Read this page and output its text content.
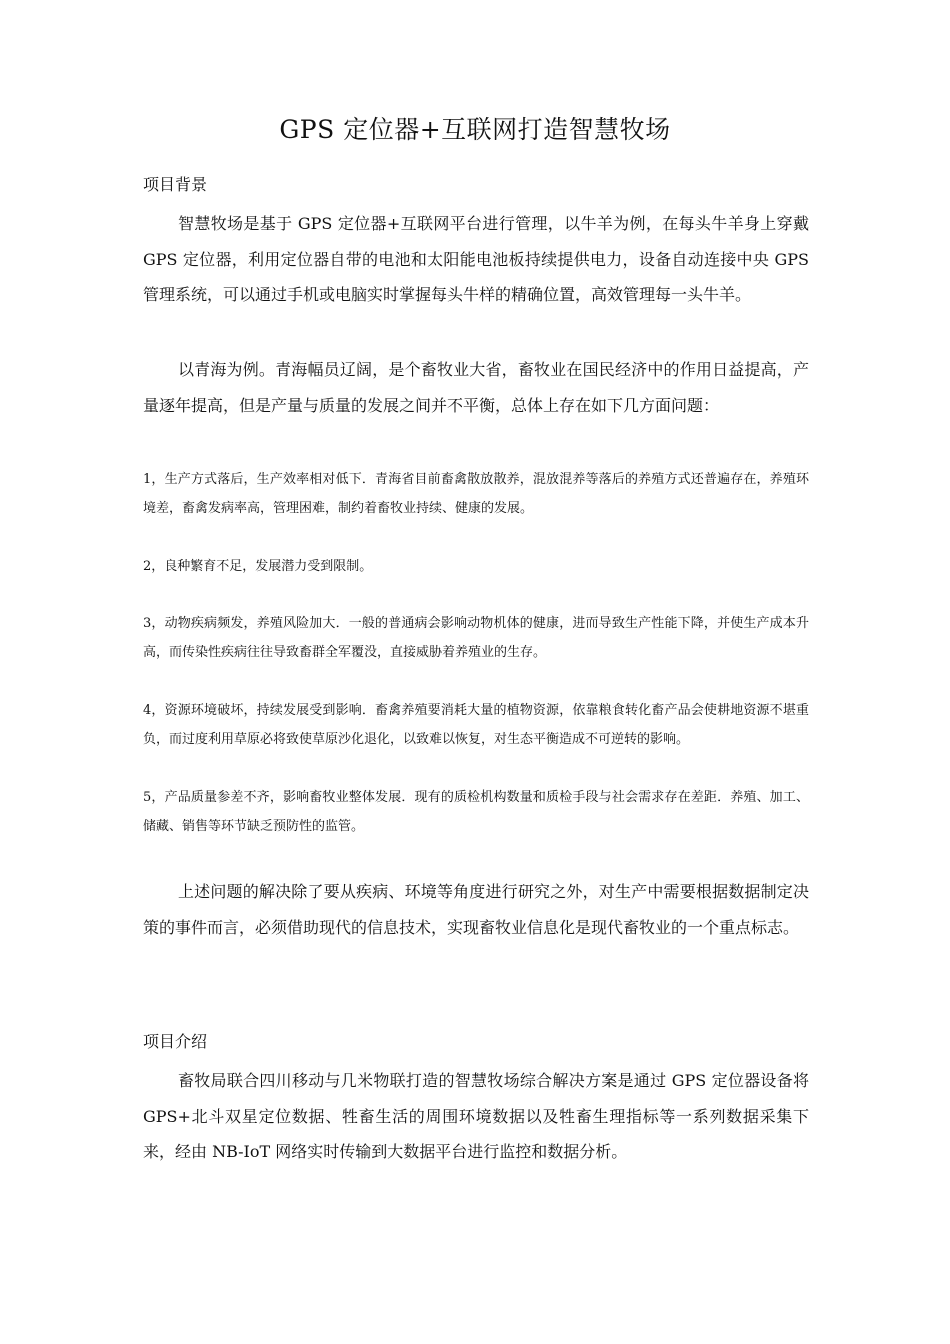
GPS 定位器+互联网打造智慧牧场
项目背景

智慧牧场是基于 GPS 定位器+互联网平台进行管理，以牛羊为例，在每头牛羊身上穿戴 GPS 定位器，利用定位器自带的电池和太阳能电池板持续提供电力，设备自动连接中央 GPS 管理系统，可以通过手机或电脑实时掌握每头牛样的精确位置，高效管理每一头牛羊。

以青海为例。青海幅员辽阔，是个畜牧业大省，畜牧业在国民经济中的作用日益提高，产量逐年提高，但是产量与质量的发展之间并不平衡，总体上存在如下几方面问题：

1，生产方式落后，生产效率相对低下．青海省目前畜禽散放散养，混放混养等落后的养殖方式还普遍存在，养殖环境差，畜禽发病率高，管理困难，制约着畜牧业持续、健康的发展。

2，良种繁育不足，发展潜力受到限制。

3，动物疾病频发，养殖风险加大．一般的普通病会影响动物机体的健康，进而导致生产性能下降，并使生产成本升高，而传染性疾病往往导致畜群全军覆没，直接威胁着养殖业的生存。

4，资源环境破坏，持续发展受到影响．畜禽养殖要消耗大量的植物资源，依靠粮食转化畜产品会使耕地资源不堪重负，而过度利用草原必将致使草原沙化退化，以致难以恢复，对生态平衡造成不可逆转的影响。

5，产品质量参差不齐，影响畜牧业整体发展．现有的质检机构数量和质检手段与社会需求存在差距．养殖、加工、储藏、销售等环节缺乏预防性的监管。

上述问题的解决除了要从疾病、环境等角度进行研究之外，对生产中需要根据数据制定决策的事件而言，必须借助现代的信息技术，实现畜牧业信息化是现代畜牧业的一个重点标志。

项目介绍

畜牧局联合四川移动与几米物联打造的智慧牧场综合解决方案是通过 GPS 定位器设备将 GPS+北斗双星定位数据、牲畜生活的周围环境数据以及牲畜生理指标等一系列数据采集下来，经由 NB-IoT 网络实时传输到大数据平台进行监控和数据分析。
